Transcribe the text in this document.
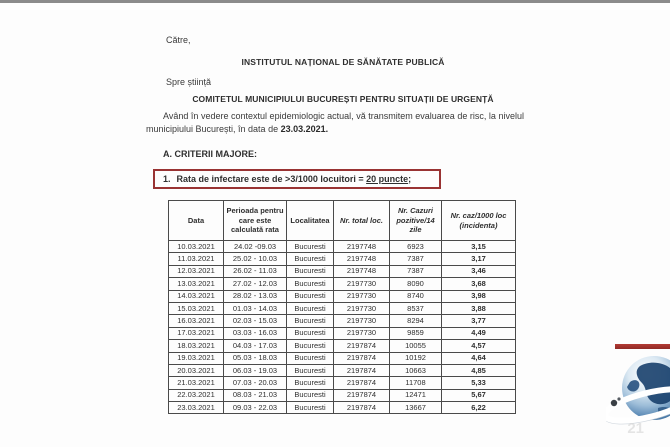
Către,
INSTITUTUL NAȚIONAL DE SĂNĂTATE PUBLICĂ
Spre știință
COMITETUL MUNICIPIULUI BUCUREȘTI PENTRU SITUAȚII DE URGENȚĂ

Având în vedere contextul epidemiologic actual, vă transmitem evaluarea de risc, la nivelul municipiului București, în data de 23.03.2021.

A. CRITERII MAJORE:
1. Rata de infectare este de >3/1000 locuitori = 20 puncte;
Data	Perioada pentru care este calculată rata	Localitatea	Nr. total loc.	Nr. Cazuri pozitive/14 zile	Nr. caz/1000 loc (incidenta)
10.03.2021	24.02 -09.03	Bucuresti	2197748	6923	3,15
11.03.2021	25.02 - 10.03	Bucuresti	2197748	7387	3,17
12.03.2021	26.02 - 11.03	Bucuresti	2197748	7387	3,46
13.03.2021	27.02 - 12.03	Bucuresti	2197730	8090	3,68
14.03.2021	28.02 - 13.03	Bucuresti	2197730	8740	3,98
15.03.2021	01.03 - 14.03	Bucuresti	2197730	8537	3,88
16.03.2021	02.03 - 15.03	Bucuresti	2197730	8294	3,77
17.03.2021	03.03 - 16.03	Bucuresti	2197730	9859	4,49
18.03.2021	04.03 - 17.03	Bucuresti	2197874	10055	4,57
19.03.2021	05.03 - 18.03	Bucuresti	2197874	10192	4,64
20.03.2021	06.03 - 19.03	Bucuresti	2197874	10663	4,85
21.03.2021	07.03 - 20.03	Bucuresti	2197874	11708	5,33
22.03.2021	08.03 - 21.03	Bucuresti	2197874	12471	5,67
23.03.2021	09.03 - 22.03	Bucuresti	2197874	13667	6,22
21
